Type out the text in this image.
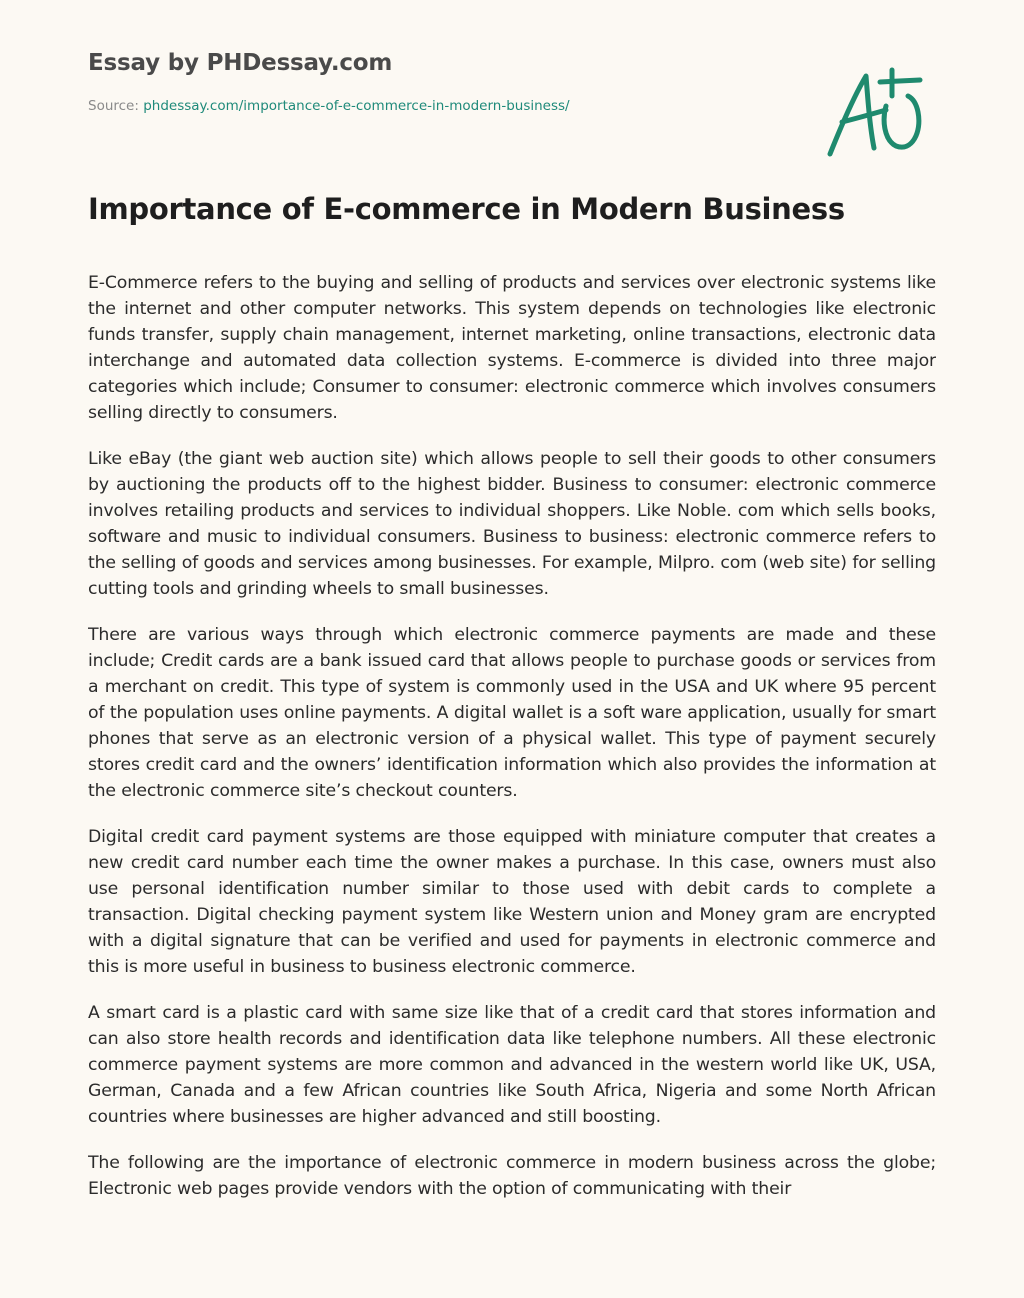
Essay by PHDessay.com
Source: phdessay.com/importance-of-e-commerce-in-modern-business/
Importance of E-commerce in Modern Business

E-Commerce refers to the buying and selling of products and services over electronic systems like the internet and other computer networks. This system depends on technologies like electronic funds transfer, supply chain management, internet marketing, online transactions, electronic data interchange and automated data collection systems. E-commerce is divided into three major categories which include; Consumer to consumer: electronic commerce which involves consumers selling directly to consumers.

Like eBay (the giant web auction site) which allows people to sell their goods to other consumers by auctioning the products off to the highest bidder. Business to consumer: electronic commerce involves retailing products and services to individual shoppers. Like Noble. com which sells books, software and music to individual consumers. Business to business: electronic commerce refers to the selling of goods and services among businesses. For example, Milpro. com (web site) for selling cutting tools and grinding wheels to small businesses.

There are various ways through which electronic commerce payments are made and these include; Credit cards are a bank issued card that allows people to purchase goods or services from a merchant on credit. This type of system is commonly used in the USA and UK where 95 percent of the population uses online payments. A digital wallet is a soft ware application, usually for smart phones that serve as an electronic version of a physical wallet. This type of payment securely stores credit card and the owners’ identification information which also provides the information at the electronic commerce site’s checkout counters.

Digital credit card payment systems are those equipped with miniature computer that creates a new credit card number each time the owner makes a purchase. In this case, owners must also use personal identification number similar to those used with debit cards to complete a transaction. Digital checking payment system like Western union and Money gram are encrypted with a digital signature that can be verified and used for payments in electronic commerce and this is more useful in business to business electronic commerce.

A smart card is a plastic card with same size like that of a credit card that stores information and can also store health records and identification data like telephone numbers. All these electronic commerce payment systems are more common and advanced in the western world like UK, USA, German, Canada and a few African countries like South Africa, Nigeria and some North African countries where businesses are higher advanced and still boosting.

The following are the importance of electronic commerce in modern business across the globe; Electronic web pages provide vendors with the option of communicating with their
